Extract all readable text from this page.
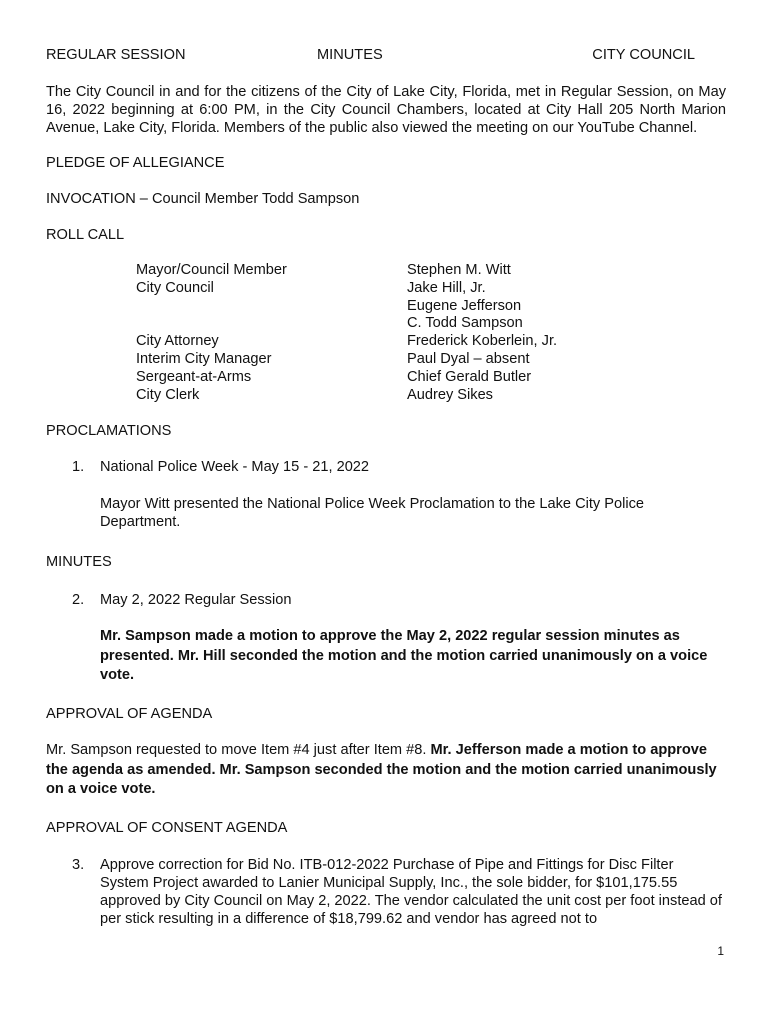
REGULAR SESSION	MINUTES	CITY COUNCIL
The City Council in and for the citizens of the City of Lake City, Florida, met in Regular Session, on May 16, 2022 beginning at 6:00 PM, in the City Council Chambers, located at City Hall 205 North Marion Avenue, Lake City, Florida. Members of the public also viewed the meeting on our YouTube Channel.
PLEDGE OF ALLEGIANCE
INVOCATION – Council Member Todd Sampson
ROLL CALL
Mayor/Council Member
City Council
City Attorney
Interim City Manager
Sergeant-at-Arms
City Clerk
Stephen M. Witt
Jake Hill, Jr.
Eugene Jefferson
C. Todd Sampson
Frederick Koberlein, Jr.
Paul Dyal – absent
Chief Gerald Butler
Audrey Sikes
PROCLAMATIONS
1. National Police Week - May 15 - 21, 2022
Mayor Witt presented the National Police Week Proclamation to the Lake City Police Department.
MINUTES
2. May 2, 2022 Regular Session
Mr. Sampson made a motion to approve the May 2, 2022 regular session minutes as presented. Mr. Hill seconded the motion and the motion carried unanimously on a voice vote.
APPROVAL OF AGENDA
Mr. Sampson requested to move Item #4 just after Item #8. Mr. Jefferson made a motion to approve the agenda as amended. Mr. Sampson seconded the motion and the motion carried unanimously on a voice vote.
APPROVAL OF CONSENT AGENDA
3. Approve correction for Bid No. ITB-012-2022 Purchase of Pipe and Fittings for Disc Filter System Project awarded to Lanier Municipal Supply, Inc., the sole bidder, for $101,175.55 approved by City Council on May 2, 2022. The vendor calculated the unit cost per foot instead of per stick resulting in a difference of $18,799.62 and vendor has agreed not to
1
